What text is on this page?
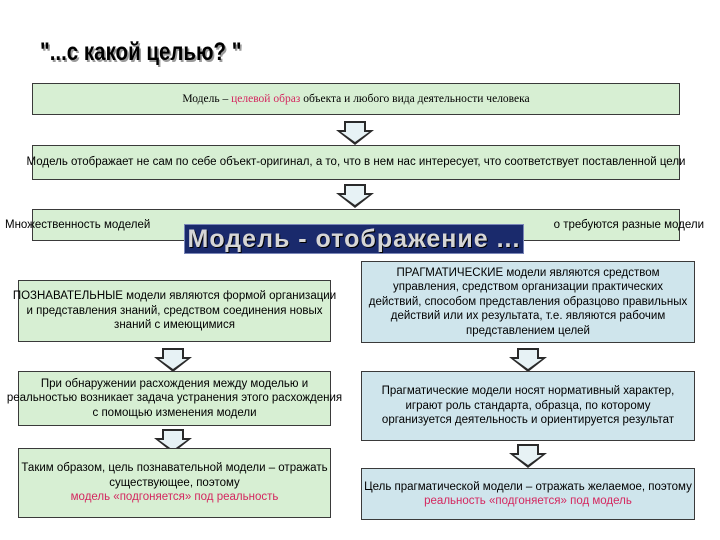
"...с какой целью? "
Модель – целевой образ объекта и любого вида деятельности человека
Модель отображает не сам по себе объект-оригинал, а то, что в нем нас интересует, что соответствует поставленной цели
Множественность моделей	о требуются разные модели
Модель - отображение ...
ПОЗНАВАТЕЛЬНЫЕ модели являются формой организации и представления знаний, средством соединения новых знаний с имеющимися
При обнаружении расхождения между моделью и реальностью возникает задача устранения этого расхождения с помощью изменения модели
Таким образом, цель познавательной модели – отражать существующее, поэтому
модель «подгоняется» под реальность
ПРАГМАТИЧЕСКИЕ модели являются средством управления, средством организации практических действий, способом представления образцово правильных действий или их результата, т.е. являются рабочим представлением целей
Прагматические модели носят нормативный характер, играют роль стандарта, образца, по которому организуется деятельность и ориентируется результат
Цель прагматической модели – отражать желаемое, поэтому
реальность «подгоняется» под модель
